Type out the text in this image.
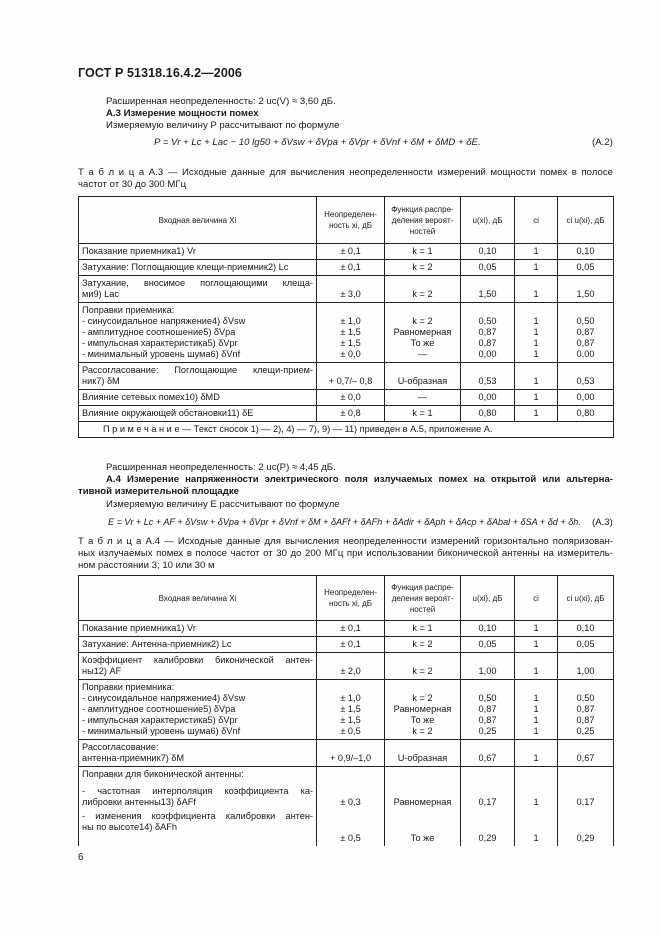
ГОСТ Р 51318.16.4.2—2006
Расширенная неопределенность: 2 uc(V) ≈ 3,60 дБ.
А.3 Измерение мощности помех
Измеряемую величину P рассчитывают по формуле
P = Vr + Lc + Lac − 10 lg50 + δVsw + δVpa + δVpr + δVnf + δM + δMD + δE.	(А.2)
Т а б л и ц а А.3 — Исходные данные для вычисления неопределенности измерений мощности помех в полосе
частот от 30 до 300 МГц
Входная величина Xi	Неопределен-
ность xi, дБ	Функция распре-
деления вероят-
ностей	u(xi), дБ	ci	ci u(xi), дБ
Показание приемника1) Vr	± 0,1	k = 1	0,10	1	0,10
Затухание: Поглощающие клещи-приемник2) Lc	± 0,1	k = 2	0,05	1	0,05

Затухание, вносимое поглощающими клеща-
ми9) Lac	± 3,0	k = 2	1,50	1	1,50

Поправки приемника:
- синусоидальное напряжение4) δVsw
- амплитудное соотношение5) δVpa
- импульсная характеристика5) δVpr
- минимальный уровень шума6) δVnf	± 1,0
± 1,5
± 1,5
± 0,0	k = 2
Равномерная
То же
—	0,50
0,87
0,87
0,00	1
1
1
1	0,50
0,87
0,87
0,00

Рассогласование: Поглощающие клещи-прием-
ник7) δM	+ 0,7/– 0,8	U-образная	0,53	1	0,53
Влияние сетевых помех10) δMD	± 0,0	—	0,00	1	0,00
Влияние окружающей обстановки11) δE	± 0,8	k = 1	0,80	1	0,80
П р и м е ч а н и е — Текст сносок 1) — 2), 4) — 7), 9) — 11) приведен в А.5, приложение А.					
Расширенная неопределенность: 2 uc(P) ≈ 4,45 дБ.
А.4 Измерение напряженности электрического поля излучаемых помех на открытой или альтерна-
тивной измерительной площадке
Измеряемую величину E рассчитывают по формуле
E = Vr + Lc + AF + δVsw + δVpa + δVpr + δVnf + δM + δAFf + δAFh + δAdir + δAph + δAcp + δAbal + δSA + δd + δh. (А.3)
Т а б л и ц а А.4 — Исходные данные для вычисления неопределенности измерений горизонтально поляризован-
ных излучаемых помех в полосе частот от 30 до 200 МГц при использовании биконической антенны на измеритель-
ном расстоянии 3; 10 или 30 м
Входная величина Xi	Неопределен-
ность xi, дБ	Функция распре-
деления вероят-
ностей	u(xi), дБ	ci	ci u(xi), дБ
Показание приемника1) Vr	± 0,1	k = 1	0,10	1	0,10
Затухание: Антенна-приемник2) Lc	± 0,1	k = 2	0,05	1	0,05

Коэффициент калибровки биконической антен-
ны12) AF	± 2,0	k = 2	1,00	1	1,00

Поправки приемника:
- синусоидальное напряжение4) δVsw
- амплитудное соотношение5) δVpa
- импульсная характеристика5) δVpr
- минимальный уровень шума6) δVnf	± 1,0
± 1,5
± 1,5
± 0,5	k = 2
Равномерная
То же
k = 2	0,50
0,87
0,87
0,25	1
1
1
1	0,50
0,87
0,87
0,25

Рассогласование:
антенна-приемник7) δM	+ 0,9/–1,0	U-образная	0,67	1	0,67

Поправки для биконической антенны:
- частотная интерполяция коэффициента ка-
либровки антенны13) δAFf
- изменения коэффициента калибровки антен-
ны по высоте14) δAFh	± 0,3
± 0,5	Равномерная
То же	0,17
0,29	1
1	0,17
0,29
6
